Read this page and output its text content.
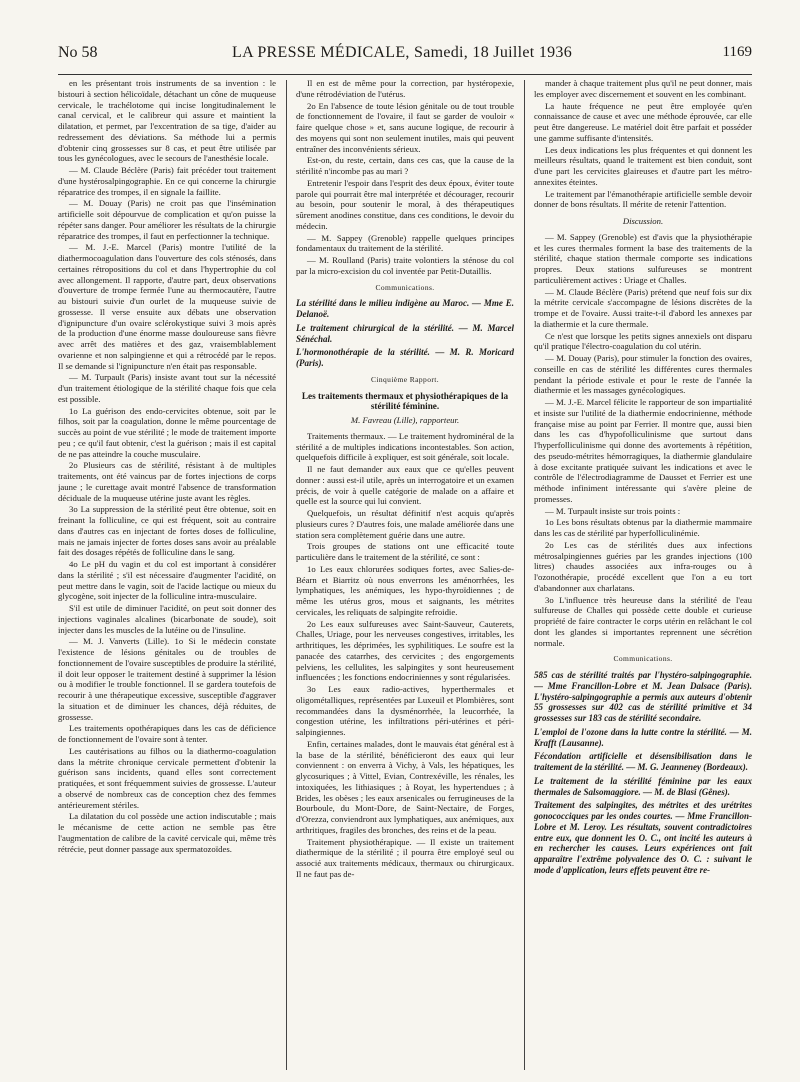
No 58	LA PRESSE MÉDICALE, Samedi, 18 Juillet 1936	1169

en les présentant trois instruments de sa invention : le bistouri à section hélicoïdale, détachant un cône de muqueuse cervicale, le trachélotome qui incise longitudinalement le canal cervical, et le calibreur qui assure et maintient la dilatation, et permet, par l'excentration de sa tige, d'aider au redressement des déviations. Sa méthode lui a permis d'obtenir cinq grossesses sur 8 cas, et peut être utilisée par tous les gynécologues, avec le secours de l'anesthésie locale.

— M. Claude Béclère (Paris) fait précéder tout traitement d'une hystérosalpingographie. En ce qui concerne la chirurgie réparatrice des trompes, il en signale la faillite.

— M. Douay (Paris) ne croit pas que l'insémination artificielle soit dépourvue de complication et qu'on puisse la répéter sans danger. Pour améliorer les résultats de la chirurgie réparatrice des trompes, il faut en perfectionner la technique.

— M. J.-E. Marcel (Paris) montre l'utilité de la diathermocoagulation dans l'ouverture des cols sténosés, dans certaines rétropositions du col et dans l'hypertrophie du col avec allongement. Il rapporte, d'autre part, deux observations d'ouverture de trompe fermée l'une au thermocautère, l'autre au bistouri suivie d'un ourlet de la muqueuse suivie de grossesse. Il verse ensuite aux débats une observation d'ignipuncture d'un ovaire sclérokystique suivi 3 mois après de la production d'une énorme masse douloureuse sans fièvre avec arrêt des matières et des gaz, vraisemblablement ovarienne et non salpingienne et qui a rétrocédé par le repos. Il se demande si l'ignipuncture n'en était pas responsable.

— M. Turpault (Paris) insiste avant tout sur la nécessité d'un traitement étiologique de la stérilité chaque fois que cela est possible.

1o La guérison des endo-cervicites obtenue, soit par le filhos, soit par la coagulation, donne le même pourcentage de succès au point de vue stérilité ; le mode de traitement importe peu ; ce qu'il faut obtenir, c'est la guérison ; mais il est capital de ne pas atteindre la couche musculaire.

2o Plusieurs cas de stérilité, résistant à de multiples traitements, ont été vaincus par de fortes injections de corps jaune ; le curettage avait montré l'absence de transformation déciduale de la muqueuse utérine juste avant les règles.

3o La suppression de la stérilité peut être obtenue, soit en freinant la folliculine, ce qui est fréquent, soit au contraire dans d'autres cas en injectant de fortes doses de folliculine, mais ne jamais injecter de fortes doses sans avoir au préalable fait des dosages répétés de folliculine dans le sang.

4o Le pH du vagin et du col est important à considérer dans la stérilité ; s'il est nécessaire d'augmenter l'acidité, on peut mettre dans le vagin, soit de l'acide lactique ou mieux du glycogène, soit injecter de la folliculine intra-musculaire.

S'il est utile de diminuer l'acidité, on peut soit donner des injections vaginales alcalines (bicarbonate de soude), soit injecter dans les muscles de la lutéine ou de l'insuline.

— M. J. Vanverts (Lille). 1o Si le médecin constate l'existence de lésions génitales ou de troubles de fonctionnement de l'ovaire susceptibles de produire la stérilité, il doit leur opposer le traitement destiné à supprimer la lésion ou à modifier le trouble fonctionnel. Il se gardera toutefois de recourir à une thérapeutique excessive, susceptible d'aggraver la situation et de diminuer les chances, déjà réduites, de grossesse.

Les traitements opothérapiques dans les cas de déficience de fonctionnement de l'ovaire sont à tenter.

Les cautérisations au filhos ou la diathermo-coagulation dans la métrite chronique cervicale permettent d'obtenir la guérison sans incidents, quand elles sont correctement pratiquées, et sont fréquemment suivies de grossesse. L'auteur a observé de nombreux cas de conception chez des femmes antérieurement stériles.

La dilatation du col possède une action indiscutable ; mais le mécanisme de cette action ne semble pas être l'augmentation de calibre de la cavité cervicale qui, même très rétrécie, peut donner passage aux spermatozoïdes.

Il en est de même pour la correction, par hystéropexie, d'une rétrodéviation de l'utérus.

2o En l'absence de toute lésion génitale ou de tout trouble de fonctionnement de l'ovaire, il faut se garder de vouloir « faire quelque chose » et, sans aucune logique, de recourir à des moyens qui sont non seulement inutiles, mais qui peuvent entraîner des inconvénients sérieux.

Est-on, du reste, certain, dans ces cas, que la cause de la stérilité n'incombe pas au mari ?

Entretenir l'espoir dans l'esprit des deux époux, éviter toute parole qui pourrait être mal interprétée et décourager, recourir au besoin, pour soutenir le moral, à des thérapeutiques sûrement anodines constitue, dans ces conditions, le devoir du médecin.

— M. Sappey (Grenoble) rappelle quelques principes fondamentaux du traitement de la stérilité.

— M. Roulland (Paris) traite volontiers la sténose du col par la micro-excision du col inventée par Petit-Dutaillis.

Communications.

La stérilité dans le milieu indigène au Maroc. — Mme E. Delanoë.

Le traitement chirurgical de la stérilité. — M. Marcel Sénéchal.

L'hormonothérapie de la stérilité. — M. R. Moricard (Paris).

Cinquième Rapport.

Les traitements thermaux et physiothérapiques de la stérilité féminine.

M. Favreau (Lille), rapporteur.

Traitements thermaux. — Le traitement hydrominéral de la stérilité a de multiples indications incontestables. Son action, quelquefois difficile à expliquer, est soit générale, soit locale.

Il ne faut demander aux eaux que ce qu'elles peuvent donner : aussi est-il utile, après un interrogatoire et un examen précis, de voir à quelle catégorie de malade on a affaire et quelle est la source qui lui convient.

Quelquefois, un résultat définitif n'est acquis qu'après plusieurs cures ? D'autres fois, une malade améliorée dans une station sera complètement guérie dans une autre.

Trois groupes de stations ont une efficacité toute particulière dans le traitement de la stérilité, ce sont :

1o Les eaux chlorurées sodiques fortes, avec Salies-de-Béarn et Biarritz où nous enverrons les aménorrhées, les lymphatiques, les anémiques, les hypo-thyroïdiennes ; de même les utérus gros, mous et saignants, les métrites cervicales, les reliquats de salpingite refroidie.

2o Les eaux sulfureuses avec Saint-Sauveur, Cauterets, Challes, Uriage, pour les nerveuses congestives, irritables, les arthritiques, les déprimées, les syphilitiques. Le soufre est la panacée des catarrhes, des cervicites ; des engorgements pelviens, les cellulites, les salpingites y sont heureusement influencées ; les fonctions endocriniennes y sont régularisées.

3o Les eaux radio-actives, hyperthermales et oligométalliques, représentées par Luxeuil et Plombières, sont recommandées dans la dysménorrhée, la leucorrhée, la congestion utérine, les infiltrations péri-utérines et péri-salpingiennes.

Enfin, certaines malades, dont le mauvais état général est à la base de la stérilité, bénéficieront des eaux qui leur conviennent : on enverra à Vichy, à Vals, les hépatiques, les glycosuriques ; à Vittel, Evian, Contrexéville, les rénales, les intoxiquées, les lithiasiques ; à Royat, les hypertendues ; à Brides, les obèses ; les eaux arsenicales ou ferrugineuses de la Bourboule, du Mont-Dore, de Saint-Nectaire, de Forges, d'Orezza, conviendront aux lymphatiques, aux anémiques, aux arthritiques, fragiles des bronches, des reins et de la peau.

Traitement physiothérapique. — Il existe un traitement diathermique de la stérilité ; il pourra être employé seul ou associé aux traitements médicaux, thermaux ou chirurgicaux. Il ne faut pas de-

mander à chaque traitement plus qu'il ne peut donner, mais les employer avec discernement et souvent en les combinant.

La haute fréquence ne peut être employée qu'en connaissance de cause et avec une méthode éprouvée, car elle peut être dangereuse. Le matériel doit être parfait et posséder une gamme suffisante d'intensités.

Les deux indications les plus fréquentes et qui donnent les meilleurs résultats, quand le traitement est bien conduit, sont d'une part les cervicites glaireuses et d'autre part les métro-annexites éteintes.

Le traitement par l'émanothérapie artificielle semble devoir donner de bons résultats. Il mérite de retenir l'attention.

Discussion.

— M. Sappey (Grenoble) est d'avis que la physiothérapie et les cures thermales forment la base des traitements de la stérilité, chaque station thermale comporte ses indications propres. Deux stations sulfureuses se montrent particulièrement actives : Uriage et Challes.

— M. Claude Béclère (Paris) prétend que neuf fois sur dix la métrite cervicale s'accompagne de lésions discrètes de la trompe et de l'ovaire. Aussi traite-t-il d'abord les annexes par la diathermie et la cure thermale.

Ce n'est que lorsque les petits signes annexiels ont disparu qu'il pratique l'électro-coagulation du col utérin.

— M. Douay (Paris), pour stimuler la fonction des ovaires, conseille en cas de stérilité les différentes cures thermales pendant la période estivale et pour le reste de l'année la diathermie et les massages gynécologiques.

— M. J.-E. Marcel félicite le rapporteur de son impartialité et insiste sur l'utilité de la diathermie endocrinienne, méthode française mise au point par Ferrier. Il montre que, aussi bien dans les cas d'hypofolliculinisme que surtout dans l'hyperfolliculinisme qui donne des avortements à répétition, des pseudo-métrites hémorragiques, la diathermie glandulaire à dose excitante pratiquée suivant les indications et avec le contrôle de l'électrodiagramme de Dausset et Ferrier est une méthode infiniment intéressante qui s'avère pleine de promesses.

— M. Turpault insiste sur trois points :

1o Les bons résultats obtenus par la diathermie mammaire dans les cas de stérilité par hyperfolliculinémie.

2o Les cas de stérilités dues aux infections métrosalpingiennes guéries par les grandes injections (100 litres) chaudes associées aux infra-rouges ou à l'ozonothérapie, procédé excellent que l'on a eu tort d'abandonner aux charlatans.

3o L'influence très heureuse dans la stérilité de l'eau sulfureuse de Challes qui possède cette double et curieuse propriété de faire contracter le corps utérin en relâchant le col dont les glandes si importantes reprennent une sécrétion normale.

Communications.

585 cas de stérilité traités par l'hystéro-salpingographie. — Mme Francillon-Lobre et M. Jean Dalsace (Paris). L'hystéro-salpingographie a permis aux auteurs d'obtenir 55 grossesses sur 402 cas de stérilité primitive et 34 grossesses sur 183 cas de stérilité secondaire.

L'emploi de l'ozone dans la lutte contre la stérilité. — M. Krafft (Lausanne).

Fécondation artificielle et désensibilisation dans le traitement de la stérilité. — M. G. Jeanneney (Bordeaux).

Le traitement de la stérilité féminine par les eaux thermales de Salsomaggiore. — M. de Blasi (Gênes).

Traitement des salpingites, des métrites et des urétrites gonococciques par les ondes courtes. — Mme Francillon-Lobre et M. Leroy. Les résultats, souvent contradictoires entre eux, que donnent les O. C., ont incité les auteurs à en rechercher les causes. Leurs expériences ont fait apparaître l'extrême polyvalence des O. C. : suivant le mode d'application, leurs effets peuvent être re-
